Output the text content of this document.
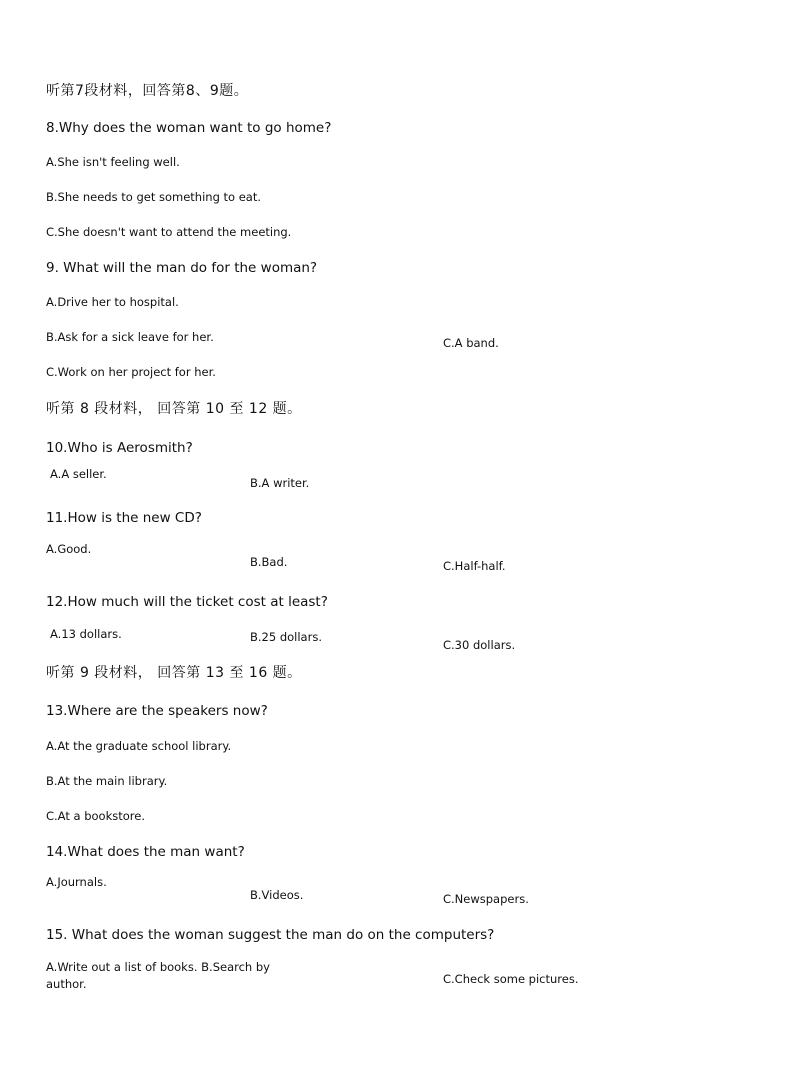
听第7段材料，回答第8、9题。
8.Why does the woman want to go home?
A.She isn't feeling well.
B.She needs to get something to eat.
C.She doesn't want to attend the meeting.
9. What will the man do for the woman?
A.Drive her to hospital.
B.Ask for a sick leave for her.
C.Work on her project for her.
听第 8 段材料， 回答第 10 至 12 题。
10.Who is Aerosmith?
A.A seller.
B.A writer.
C.A band.
11.How is the new CD?
A.Good.
B.Bad.	C.Half-half.
12.How much will the ticket cost at least?
A.13 dollars.	B.25 dollars.
C.30 dollars.
听第 9 段材料， 回答第 13 至 16 题。
13.Where are the speakers now?
A.At the graduate school library.
B.At the main library.
C.At a bookstore.
14.What does the man want?
A.Journals.
B.Videos.	C.Newspapers.
15. What does the woman suggest the man do on the computers?
A.Write out a list of books. B.Search by author.	C.Check some pictures.
